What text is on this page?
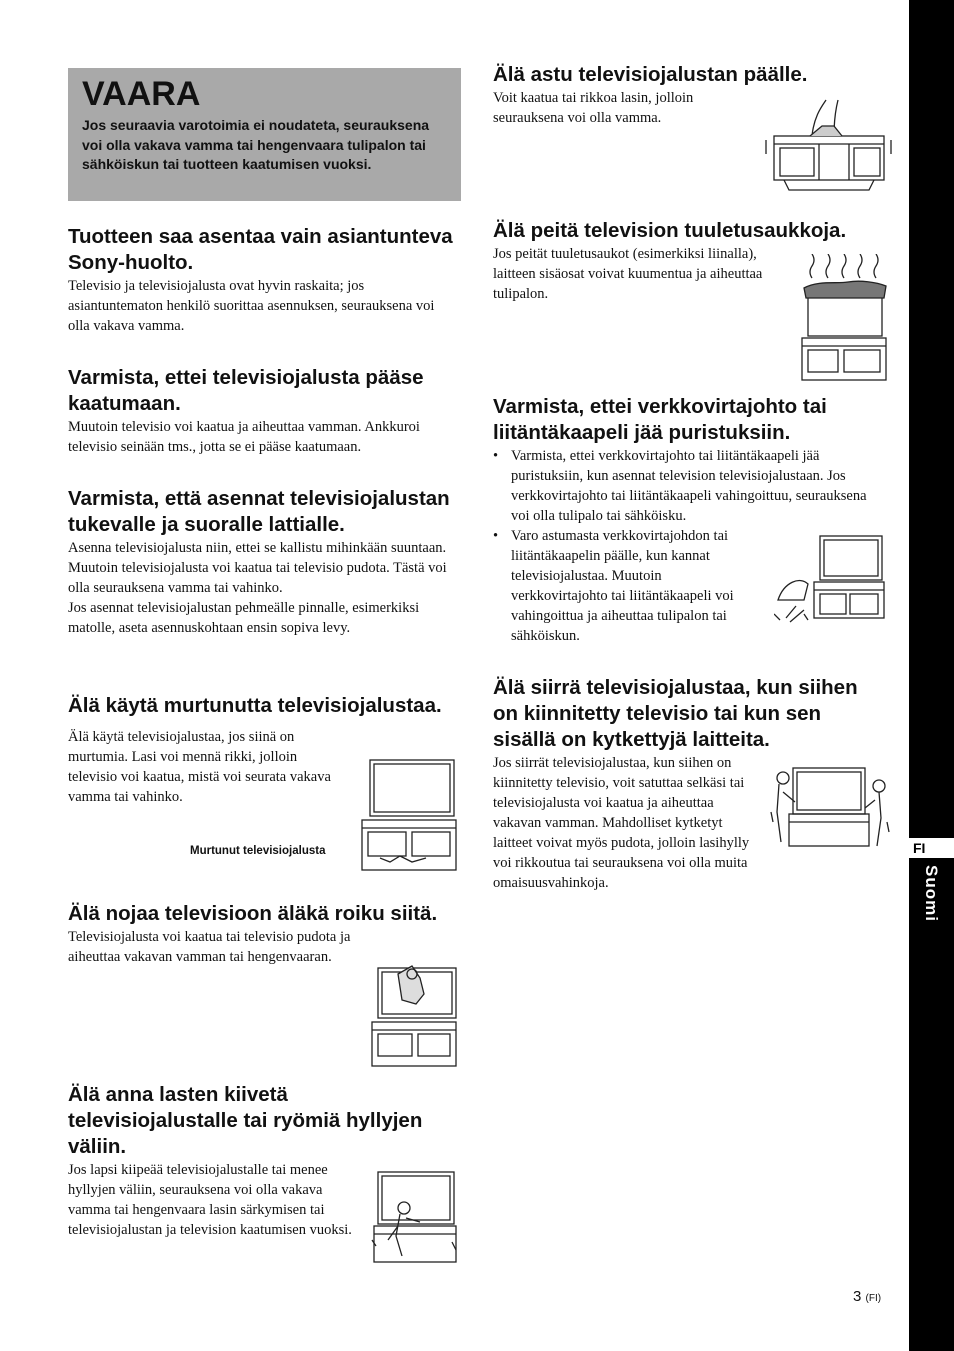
FI
Suomi
VAARA
Jos seuraavia varotoimia ei noudateta, seurauksena voi olla vakava vamma tai hengenvaara tulipalon tai sähköiskun tai tuotteen kaatumisen vuoksi.
Tuotteen saa asentaa vain asiantunteva Sony-huolto.

Televisio ja televisiojalusta ovat hyvin raskaita; jos asiantuntematon henkilö suorittaa asennuksen, seurauksena voi olla vakava vamma.

Varmista, ettei televisiojalusta pääse kaatumaan.

Muutoin televisio voi kaatua ja aiheuttaa vamman. Ankkuroi televisio seinään tms., jotta se ei pääse kaatumaan.

Varmista, että asennat televisiojalustan tukevalle ja suoralle lattialle.

Asenna televisiojalusta niin, ettei se kallistu mihinkään suuntaan. Muutoin televisiojalusta voi kaatua tai televisio pudota. Tästä voi olla seurauksena vamma tai vahinko.

Jos asennat televisiojalustan pehmeälle pinnalle, esimerkiksi matolle, aseta asennuskohtaan ensin sopiva levy.

Älä käytä murtunutta televisiojalustaa.

Älä käytä televisiojalustaa, jos siinä on murtumia. Lasi voi mennä rikki, jolloin televisio voi kaatua, mistä voi seurata vakava vamma tai vahinko.

Murtunut televisiojalusta
Älä nojaa televisioon äläkä roiku siitä.

Televisiojalusta voi kaatua tai televisio pudota ja aiheuttaa vakavan vamman tai hengenvaaran.

Älä anna lasten kiivetä televisiojalustalle tai ryömiä hyllyjen väliin.

Jos lapsi kiipeää televisiojalustalle tai menee hyllyjen väliin, seurauksena voi olla vakava vamma tai hengenvaara lasin särkymisen tai televisiojalustan ja television kaatumisen vuoksi.

Älä astu televisiojalustan päälle.

Voit kaatua tai rikkoa lasin, jolloin seurauksena voi olla vamma.

Älä peitä television tuuletusaukkoja.

Jos peität tuuletusaukot (esimerkiksi liinalla), laitteen sisäosat voivat kuumentua ja aiheuttaa tulipalon.

Varmista, ettei verkkovirtajohto tai liitäntäkaapeli jää puristuksiin.
• Varmista, ettei verkkovirtajohto tai liitäntäkaapeli jää puristuksiin, kun asennat television televisiojalustaan. Jos verkkovirtajohto tai liitäntäkaapeli vahingoittuu, seurauksena voi olla tulipalo tai sähköisku.
• Varo astumasta verkkovirtajohdon tai liitäntäkaapelin päälle, kun kannat televisiojalustaa. Muutoin verkkovirtajohto tai liitäntäkaapeli voi vahingoittua ja aiheuttaa tulipalon tai sähköiskun.
Älä siirrä televisiojalustaa, kun siihen on kiinnitetty televisio tai kun sen sisällä on kytkettyjä laitteita.

Jos siirrät televisiojalustaa, kun siihen on kiinnitetty televisio, voit satuttaa selkäsi tai televisiojalusta voi kaatua ja aiheuttaa vakavan vamman. Mahdolliset kytketyt laitteet voivat myös pudota, jolloin lasihylly voi rikkoutua tai seurauksena voi olla muita omaisuusvahinkoja.

3 (FI)
